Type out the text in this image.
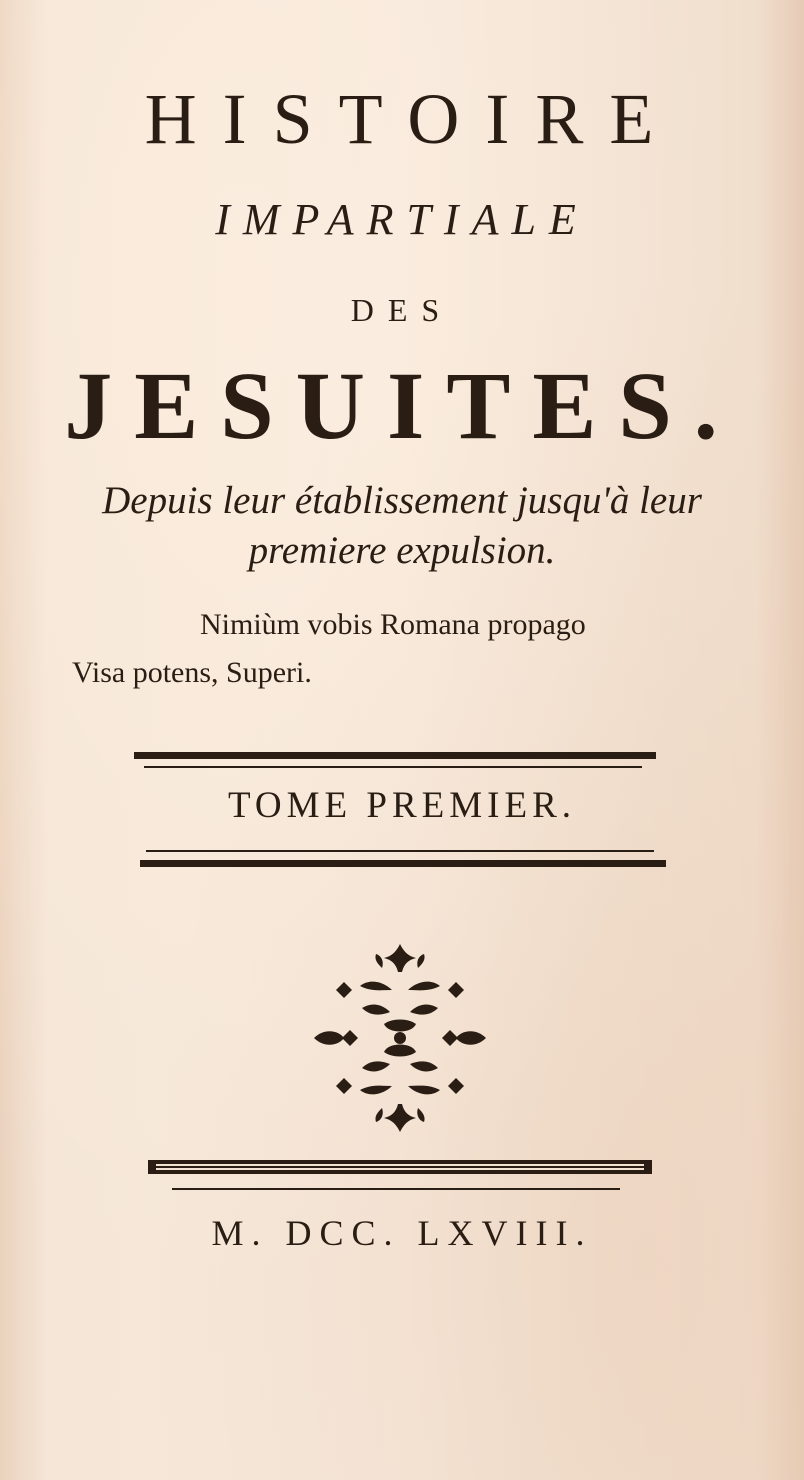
HISTOIRE
IMPARTIALE
DES
JESUITES.
Depuis leur établissement jusqu'à leur
premiere expulsion.
Nimiùm vobis Romana propago
Visa potens, Superi.
TOME PREMIER.
M. DCC. LXVIII.
